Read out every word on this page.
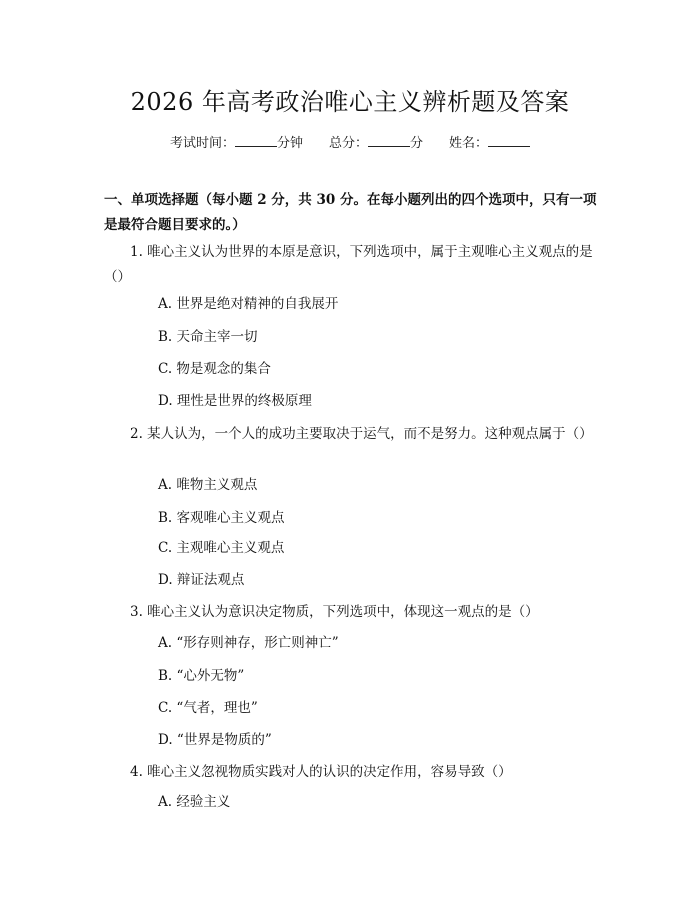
2026 年高考政治唯心主义辨析题及答案
考试时间：	分钟 总分：	分 姓名：
一、单项选择题（每小题 2 分，共 30 分。在每小题列出的四个选项中，只有一项是最符合题目要求的。）
1. 唯心主义认为世界的本原是意识，下列选项中，属于主观唯心主义观点的是（）
A. 世界是绝对精神的自我展开
B. 天命主宰一切
C. 物是观念的集合
D. 理性是世界的终极原理
2. 某人认为，一个人的成功主要取决于运气，而不是努力。这种观点属于（）
A. 唯物主义观点
B. 客观唯心主义观点
C. 主观唯心主义观点
D. 辩证法观点
3. 唯心主义认为意识决定物质，下列选项中，体现这一观点的是（）
A. “形存则神存，形亡则神亡”
B. “心外无物”
C. “气者，理也”
D. “世界是物质的”
4. 唯心主义忽视物质实践对人的认识的决定作用，容易导致（）
A. 经验主义
